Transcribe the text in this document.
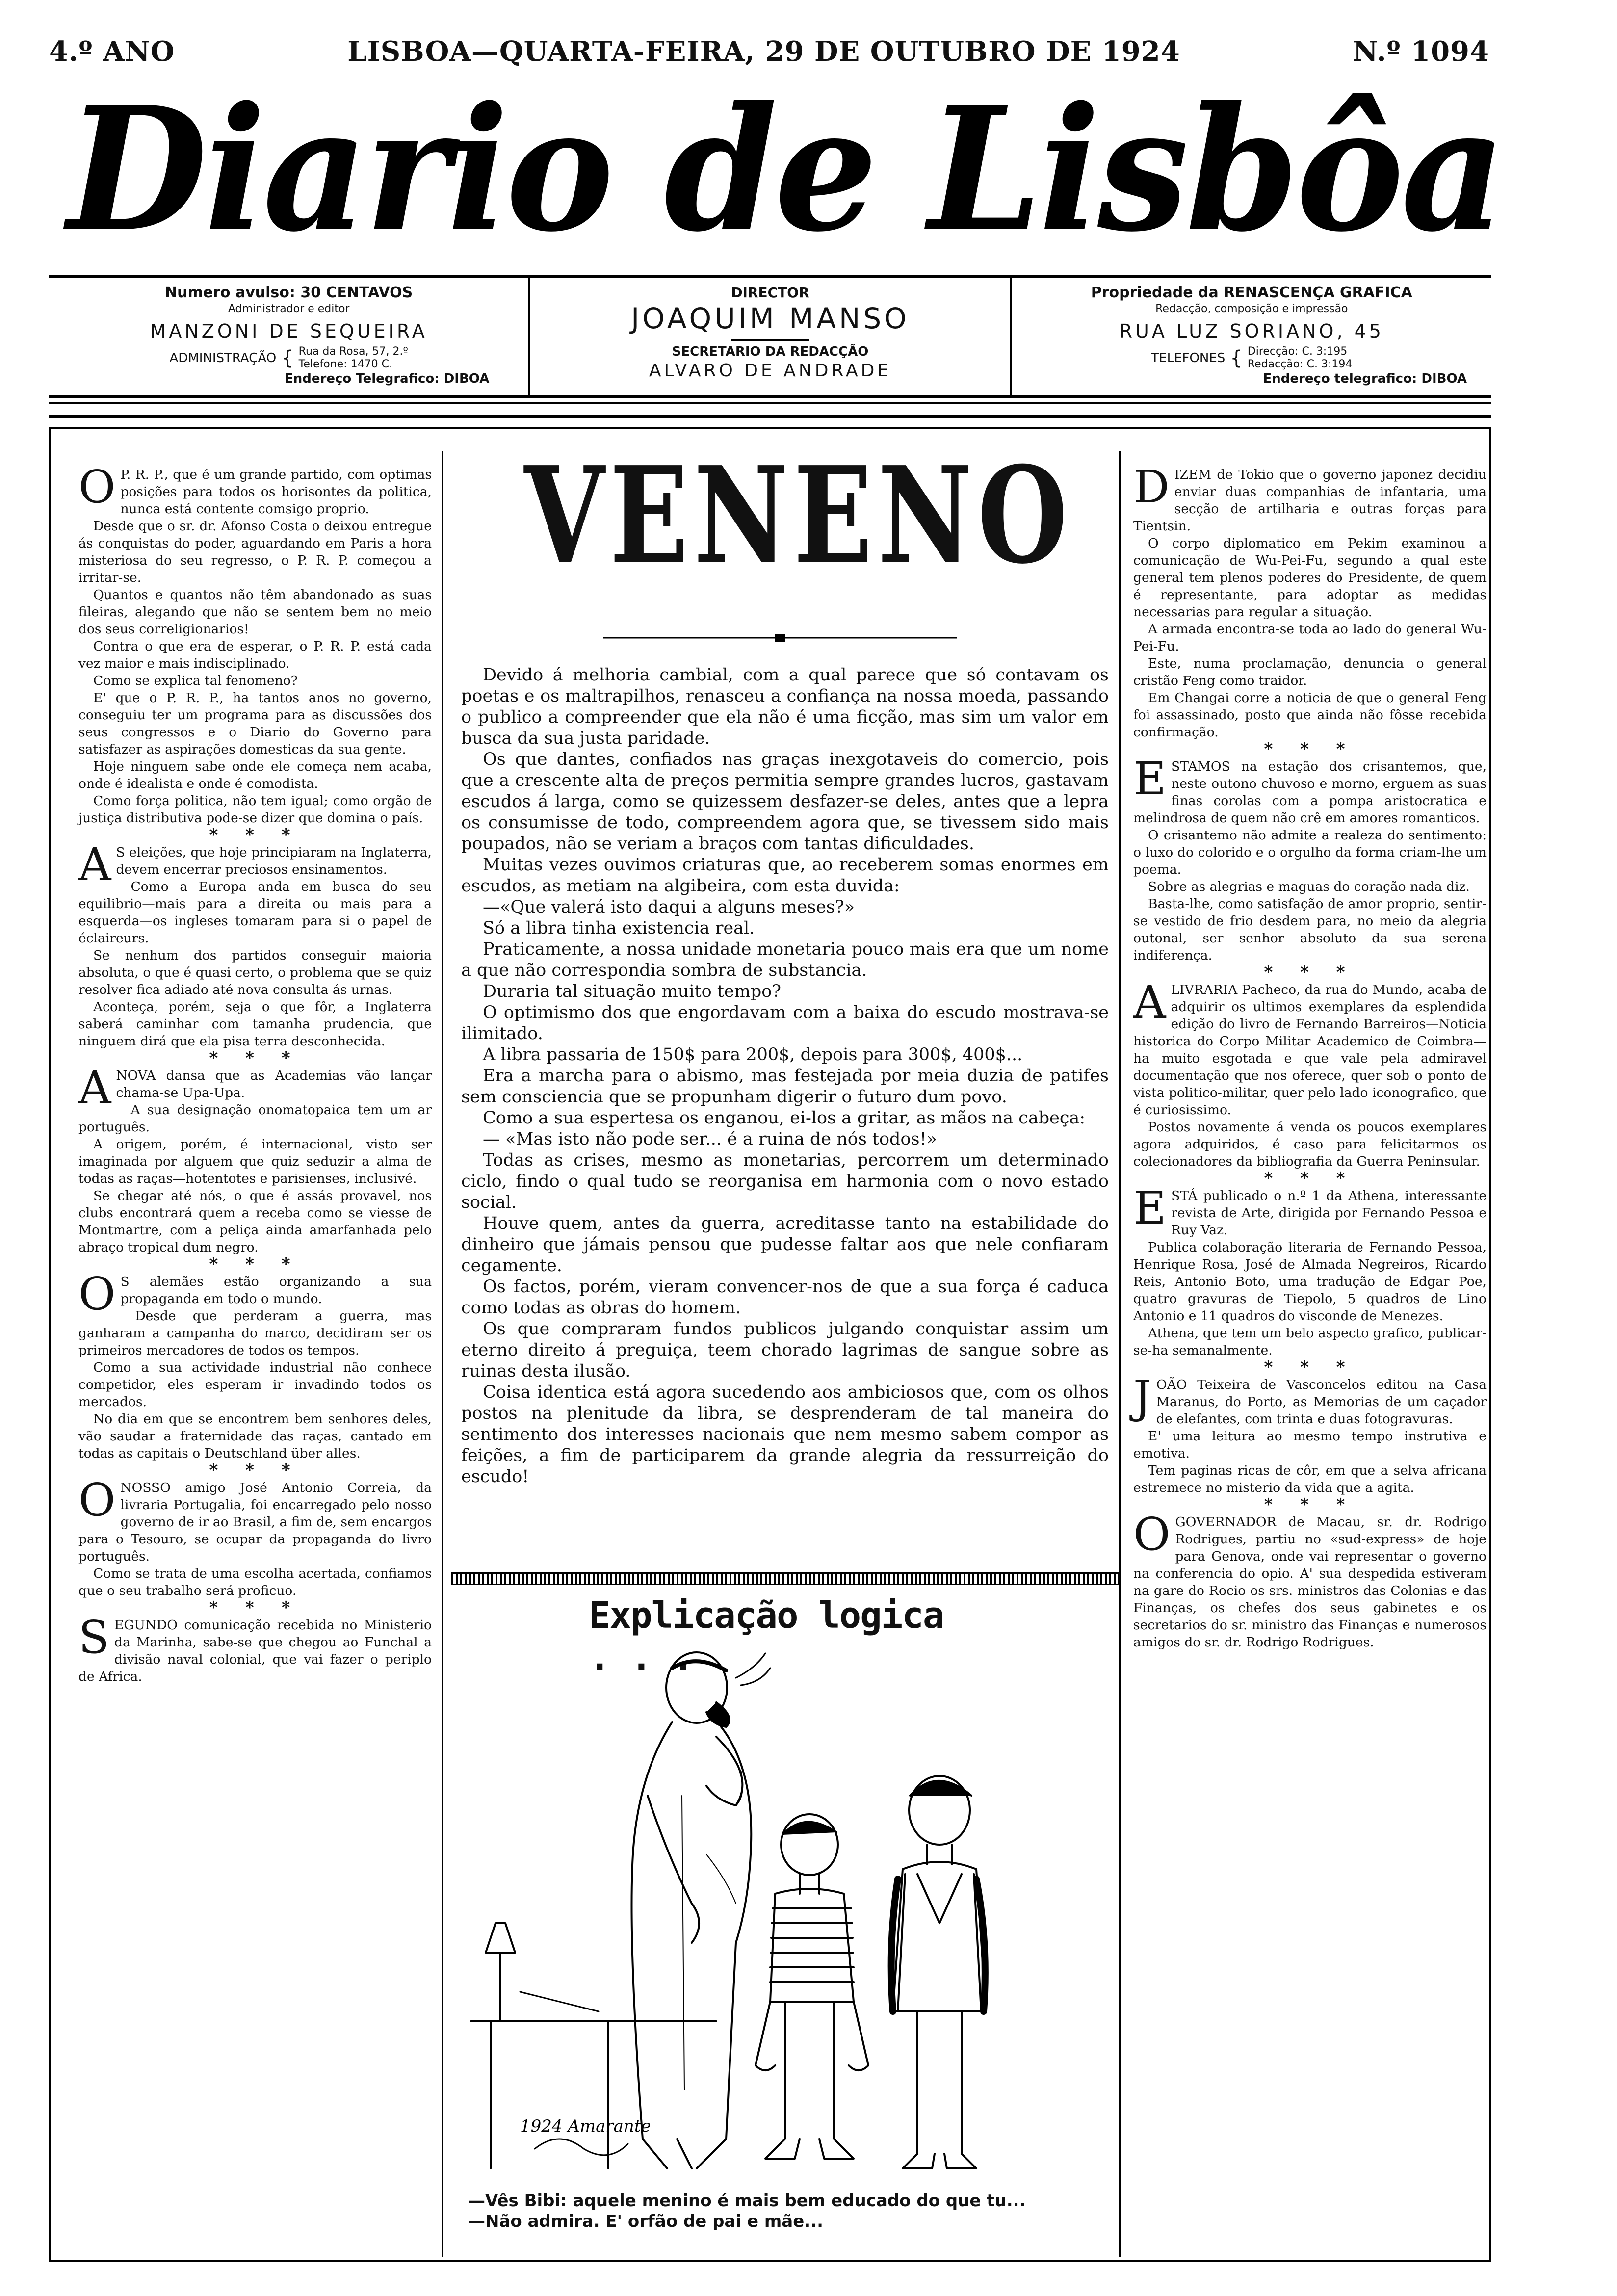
4.º ANO	LISBOA—QUARTA-FEIRA, 29 DE OUTUBRO DE 1924	N.º 1094
Diario de Lisbôa
Numero avulso: 30 CENTAVOS
Administrador e editor
MANZONI DE SEQUEIRA
ADMINISTRAÇÃO { Rua da Rosa, 57, 2.º
Telefone: 1470 C.
Endereço Telegrafico: DIBOA
DIRECTOR
JOAQUIM MANSO
SECRETARIO DA REDACÇÃO
ALVARO DE ANDRADE
Propriedade da RENASCENÇA GRAFICA
Redacção, composição e impressão
RUA LUZ SORIANO, 45
TELEFONES { Direcção: C. 3:195
Redacção: C. 3:194
Endereço telegrafico: DIBOA

O P. R. P., que é um grande partido, com optimas posições para todos os horisontes da politica, nunca está contente comsigo proprio.

Desde que o sr. dr. Afonso Costa o deixou entregue ás conquistas do poder, aguardando em Paris a hora misteriosa do seu regresso, o P. R. P. começou a irritar-se.

Quantos e quantos não têm abandonado as suas fileiras, alegando que não se sentem bem no meio dos seus correligionarios!

Contra o que era de esperar, o P. R. P. está cada vez maior e mais indisciplinado.

Como se explica tal fenomeno?

E' que o P. R. P., ha tantos anos no governo, conseguiu ter um programa para as discussões dos seus congressos e o Diario do Governo para satisfazer as aspirações domesticas da sua gente.

Hoje ninguem sabe onde ele começa nem acaba, onde é idealista e onde é comodista.

Como força politica, não tem igual; como orgão de justiça distributiva pode-se dizer que domina o país.

* * *

A S eleições, que hoje principiaram na Inglaterra, devem encerrar preciosos ensinamentos.

Como a Europa anda em busca do seu equilibrio—mais para a direita ou mais para a esquerda—os ingleses tomaram para si o papel de éclaireurs.

Se nenhum dos partidos conseguir maioria absoluta, o que é quasi certo, o problema que se quiz resolver fica adiado até nova consulta ás urnas.

Aconteça, porém, seja o que fôr, a Inglaterra saberá caminhar com tamanha prudencia, que ninguem dirá que ela pisa terra desconhecida.

* * *

ANOVA dansa que as Academias vão lançar chama-se Upa-Upa.

A sua designação onomatopaica tem um ar português.

A origem, porém, é internacional, visto ser imaginada por alguem que quiz seduzir a alma de todas as raças—hotentotes e parisienses, inclusivé.

Se chegar até nós, o que é assás provavel, nos clubs encontrará quem a receba como se viesse de Montmartre, com a peliça ainda amarfanhada pelo abraço tropical dum negro.

* * *

O S alemães estão organizando a sua propaganda em todo o mundo.

Desde que perderam a guerra, mas ganharam a campanha do marco, decidiram ser os primeiros mercadores de todos os tempos.

Como a sua actividade industrial não conhece competidor, eles esperam ir invadindo todos os mercados.

No dia em que se encontrem bem senhores deles, vão saudar a fraternidade das raças, cantado em todas as capitais o Deutschland über alles.

* * *

ONOSSO amigo José Antonio Correia, da livraria Portugalia, foi encarregado pelo nosso governo de ir ao Brasil, a fim de, sem encargos para o Tesouro, se ocupar da propaganda do livro português.

Como se trata de uma escolha acertada, confiamos que o seu trabalho será proficuo.

* * *

SEGUNDO comunicação recebida no Ministerio da Marinha, sabe-se que chegou ao Funchal a divisão naval colonial, que vai fazer o periplo de Africa.

VENENO

Devido á melhoria cambial, com a qual parece que só contavam os poetas e os maltrapilhos, renasceu a confiança na nossa moeda, passando o publico a compreender que ela não é uma ficção, mas sim um valor em busca da sua justa paridade.

Os que dantes, confiados nas graças inexgotaveis do comercio, pois que a crescente alta de preços permitia sempre grandes lucros, gastavam escudos á larga, como se quizessem desfazer-se deles, antes que a lepra os consumisse de todo, compreendem agora que, se tivessem sido mais poupados, não se veriam a braços com tantas dificuldades.

Muitas vezes ouvimos criaturas que, ao receberem somas enormes em escudos, as metiam na algibeira, com esta duvida:

—«Que valerá isto daqui a alguns meses?»

Só a libra tinha existencia real.

Praticamente, a nossa unidade monetaria pouco mais era que um nome a que não correspondia sombra de substancia.

Duraria tal situação muito tempo?

O optimismo dos que engordavam com a baixa do escudo mostrava-se ilimitado.

A libra passaria de 150$ para 200$, depois para 300$, 400$...

Era a marcha para o abismo, mas festejada por meia duzia de patifes sem consciencia que se propunham digerir o futuro dum povo.

Como a sua espertesa os enganou, ei-los a gritar, as mãos na cabeça:

— «Mas isto não pode ser... é a ruina de nós todos!»

Todas as crises, mesmo as monetarias, percorrem um determinado ciclo, findo o qual tudo se reorganisa em harmonia com o novo estado social.

Houve quem, antes da guerra, acreditasse tanto na estabilidade do dinheiro que jámais pensou que pudesse faltar aos que nele confiaram cegamente.

Os factos, porém, vieram convencer-nos de que a sua força é caduca como todas as obras do homem.

Os que compraram fundos publicos julgando conquistar assim um eterno direito á preguiça, teem chorado lagrimas de sangue sobre as ruinas desta ilusão.

Coisa identica está agora sucedendo aos ambiciosos que, com os olhos postos na plenitude da libra, se desprenderam de tal maneira do sentimento dos interesses nacionais que nem mesmo sabem compor as feições, a fim de participarem da grande alegria da ressurreição do escudo!

Explicação logica . . .
1924 Amarante
—Vês Bibi: aquele menino é mais bem educado do que tu...
—Não admira. E' orfão de pai e mãe...

DIZEM de Tokio que o governo japonez decidiu enviar duas companhias de infantaria, uma secção de artilharia e outras forças para Tientsin.

O corpo diplomatico em Pekim examinou a comunicação de Wu-Pei-Fu, segundo a qual este general tem plenos poderes do Presidente, de quem é representante, para adoptar as medidas necessarias para regular a situação.

A armada encontra-se toda ao lado do general Wu-Pei-Fu.

Este, numa proclamação, denuncia o general cristão Feng como traidor.

Em Changai corre a noticia de que o general Feng foi assassinado, posto que ainda não fôsse recebida confirmação.

* * *

ESTAMOS na estação dos crisantemos, que, neste outono chuvoso e morno, erguem as suas finas corolas com a pompa aristocratica e melindrosa de quem não crê em amores romanticos.

O crisantemo não admite a realeza do sentimento: o luxo do colorido e o orgulho da forma criam-lhe um poema.

Sobre as alegrias e maguas do coração nada diz.

Basta-lhe, como satisfação de amor proprio, sentir-se vestido de frio desdem para, no meio da alegria outonal, ser senhor absoluto da sua serena indiferença.

* * *

ALIVRARIA Pacheco, da rua do Mundo, acaba de adquirir os ultimos exemplares da esplendida edição do livro de Fernando Barreiros—Noticia historica do Corpo Militar Academico de Coimbra—ha muito esgotada e que vale pela admiravel documentação que nos oferece, quer sob o ponto de vista politico-militar, quer pelo lado iconografico, que é curiosissimo.

Postos novamente á venda os poucos exemplares agora adquiridos, é caso para felicitarmos os colecionadores da bibliografia da Guerra Peninsular.

* * *

ESTÁ publicado o n.º 1 da Athena, interessante revista de Arte, dirigida por Fernando Pessoa e Ruy Vaz.

Publica colaboração literaria de Fernando Pessoa, Henrique Rosa, José de Almada Negreiros, Ricardo Reis, Antonio Boto, uma tradução de Edgar Poe, quatro gravuras de Tiepolo, 5 quadros de Lino Antonio e 11 quadros do visconde de Menezes.

Athena, que tem um belo aspecto grafico, publicar-se-ha semanalmente.

* * *

JOÃO Teixeira de Vasconcelos editou na Casa Maranus, do Porto, as Memorias de um caçador de elefantes, com trinta e duas fotogravuras.

E' uma leitura ao mesmo tempo instrutiva e emotiva.

Tem paginas ricas de côr, em que a selva africana estremece no misterio da vida que a agita.

* * *

OGOVERNADOR de Macau, sr. dr. Rodrigo Rodrigues, partiu no «sud-express» de hoje para Genova, onde vai representar o governo na conferencia do opio. A' sua despedida estiveram na gare do Rocio os srs. ministros das Colonias e das Finanças, os chefes dos seus gabinetes e os secretarios do sr. ministro das Finanças e numerosos amigos do sr. dr. Rodrigo Rodrigues.
